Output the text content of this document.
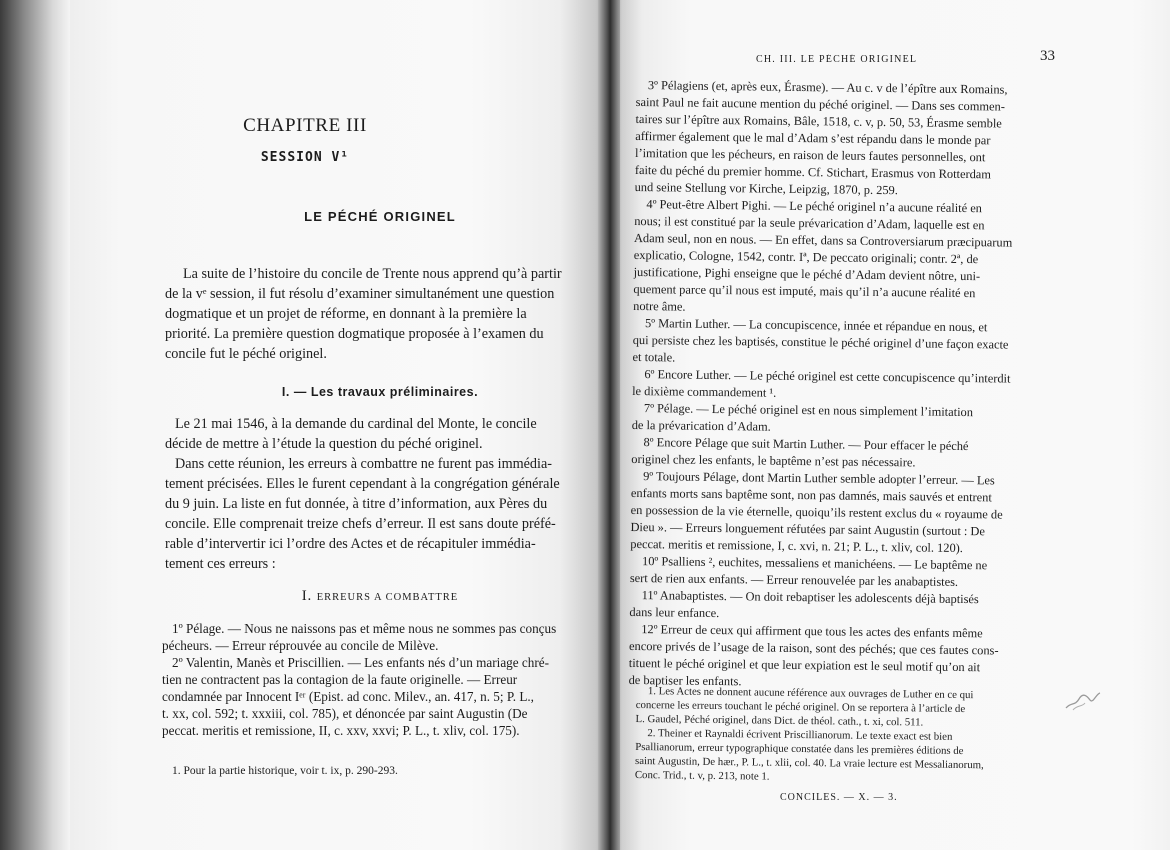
CHAPITRE III
SESSION V¹
LE PÉCHÉ ORIGINEL
La suite de l’histoire du concile de Trente nous apprend qu’à partir
de la vᵉ session, il fut résolu d’examiner simultanément une question
dogmatique et un projet de réforme, en donnant à la première la
priorité. La première question dogmatique proposée à l’examen du
concile fut le péché originel.
I. — Les travaux préliminaires.
Le 21 mai 1546, à la demande du cardinal del Monte, le concile
décide de mettre à l’étude la question du péché originel.
Dans cette réunion, les erreurs à combattre ne furent pas immédia-
tement précisées. Elles le furent cependant à la congrégation générale
du 9 juin. La liste en fut donnée, à titre d’information, aux Pères du
concile. Elle comprenait treize chefs d’erreur. Il est sans doute préfé-
rable d’intervertir ici l’ordre des Actes et de récapituler immédia-
tement ces erreurs :
I. ERREURS A COMBATTRE
1º Pélage. — Nous ne naissons pas et même nous ne sommes pas conçus
pécheurs. — Erreur réprouvée au concile de Milève.
2º Valentin, Manès et Priscillien. — Les enfants nés d’un mariage chré-
tien ne contractent pas la contagion de la faute originelle. — Erreur
condamnée par Innocent Iᵉʳ (Epist. ad conc. Milev., an. 417, n. 5; P. L.,
t. xx, col. 592; t. xxxiii, col. 785), et dénoncée par saint Augustin (De
peccat. meritis et remissione, II, c. xxv, xxvi; P. L., t. xliv, col. 175).
1. Pour la partie historique, voir t. ix, p. 290-293.
CH. III. LE PÉCHÉ ORIGINEL	33
3º Pélagiens (et, après eux, Érasme). — Au c. v de l’épître aux Romains,
saint Paul ne fait aucune mention du péché originel. — Dans ses commen-
taires sur l’épître aux Romains, Bâle, 1518, c. v, p. 50, 53, Érasme semble
affirmer également que le mal d’Adam s’est répandu dans le monde par
l’imitation que les pécheurs, en raison de leurs fautes personnelles, ont
faite du péché du premier homme. Cf. Stichart, Erasmus von Rotterdam
und seine Stellung vor Kirche, Leipzig, 1870, p. 259.
4º Peut-être Albert Pighi. — Le péché originel n’a aucune réalité en
nous; il est constitué par la seule prévarication d’Adam, laquelle est en
Adam seul, non en nous. — En effet, dans sa Controversiarum præcipuarum
explicatio, Cologne, 1542, contr. Iª, De peccato originali; contr. 2ª, de
justificatione, Pighi enseigne que le péché d’Adam devient nôtre, uni-
quement parce qu’il nous est imputé, mais qu’il n’a aucune réalité en
notre âme.
5º Martin Luther. — La concupiscence, innée et répandue en nous, et
qui persiste chez les baptisés, constitue le péché originel d’une façon exacte
et totale.
6º Encore Luther. — Le péché originel est cette concupiscence qu’interdit
le dixième commandement ¹.
7º Pélage. — Le péché originel est en nous simplement l’imitation
de la prévarication d’Adam.
8º Encore Pélage que suit Martin Luther. — Pour effacer le péché
originel chez les enfants, le baptême n’est pas nécessaire.
9º Toujours Pélage, dont Martin Luther semble adopter l’erreur. — Les
enfants morts sans baptême sont, non pas damnés, mais sauvés et entrent
en possession de la vie éternelle, quoiqu’ils restent exclus du « royaume de
Dieu ». — Erreurs longuement réfutées par saint Augustin (surtout : De
peccat. meritis et remissione, I, c. xvi, n. 21; P. L., t. xliv, col. 120).
10º Psalliens ², euchites, messaliens et manichéens. — Le baptême ne
sert de rien aux enfants. — Erreur renouvelée par les anabaptistes.
11º Anabaptistes. — On doit rebaptiser les adolescents déjà baptisés
dans leur enfance.
12º Erreur de ceux qui affirment que tous les actes des enfants même
encore privés de l’usage de la raison, sont des péchés; que ces fautes cons-
tituent le péché originel et que leur expiation est le seul motif qu’on ait
de baptiser les enfants.
1. Les Actes ne donnent aucune référence aux ouvrages de Luther en ce qui
concerne les erreurs touchant le péché originel. On se reportera à l’article de
L. Gaudel, Péché originel, dans Dict. de théol. cath., t. xi, col. 511.
2. Theiner et Raynaldi écrivent Priscillianorum. Le texte exact est bien
Psallianorum, erreur typographique constatée dans les premières éditions de
saint Augustin, De hær., P. L., t. xlii, col. 40. La vraie lecture est Messalianorum,
Conc. Trid., t. v, p. 213, note 1.
CONCILES. — X. — 3.
